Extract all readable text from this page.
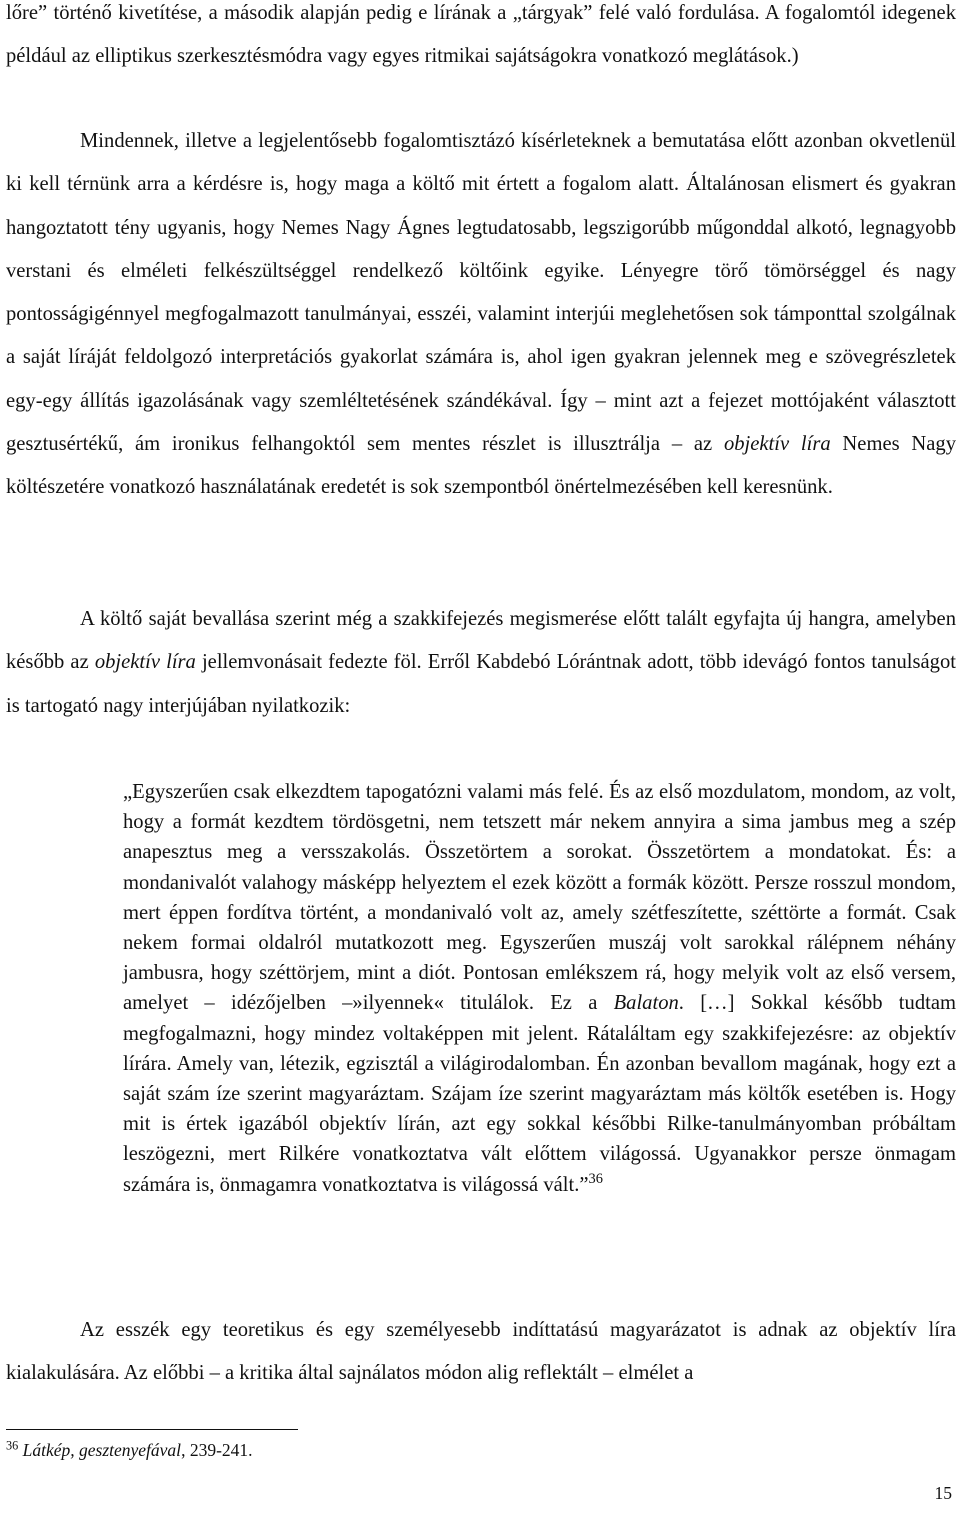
lőre” történő kivetítése, a második alapján pedig e lírának a „tárgyak” felé való fordulása. A fogalomtól idegenek például az elliptikus szerkesztésmódra vagy egyes ritmikai sajátságokra vonatkozó meglátások.)

Mindennek, illetve a legjelentősebb fogalomtisztázó kísérleteknek a bemutatása előtt azonban okvetlenül ki kell térnünk arra a kérdésre is, hogy maga a költő mit értett a fogalom alatt. Általánosan elismert és gyakran hangoztatott tény ugyanis, hogy Nemes Nagy Ágnes legtudatosabb, legszigorúbb műgonddal alkotó, legnagyobb verstani és elméleti felkészültséggel rendelkező költőink egyike. Lényegre törő tömörséggel és nagy pontosságigénnyel megfogalmazott tanulmányai, esszéi, valamint interjúi meglehetősen sok támponttal szolgálnak a saját líráját feldolgozó interpretációs gyakorlat számára is, ahol igen gyakran jelennek meg e szövegrészletek egy-egy állítás igazolásának vagy szemléltetésének szándékával. Így – mint azt a fejezet mottójaként választott gesztusértékű, ám ironikus felhangoktól sem mentes részlet is illusztrálja – az objektív líra Nemes Nagy költészetére vonatkozó használatának eredetét is sok szempontból önértelmezésében kell keresnünk.

A költő saját bevallása szerint még a szakkifejezés megismerése előtt talált egyfajta új hangra, amelyben később az objektív líra jellemvonásait fedezte föl. Erről Kabdebó Lórántnak adott, több idevágó fontos tanulságot is tartogató nagy interjújában nyilatkozik:

„Egyszerűen csak elkezdtem tapogatózni valami más felé. És az első mozdulatom, mondom, az volt, hogy a formát kezdtem tördösgetni, nem tetszett már nekem annyira a sima jambus meg a szép anapesztus meg a versszakolás. Összetörtem a sorokat. Összetörtem a mondatokat. És: a mondanivalót valahogy másképp helyeztem el ezek között a formák között. Persze rosszul mondom, mert éppen fordítva történt, a mondanivaló volt az, amely szétfeszítette, széttörte a formát. Csak nekem formai oldalról mutatkozott meg. Egyszerűen muszáj volt sarokkal rálépnem néhány jambusra, hogy széttörjem, mint a diót. Pontosan emlékszem rá, hogy melyik volt az első versem, amelyet – idézőjelben –»ilyennek« titulálok. Ez a Balaton. […] Sokkal később tudtam megfogalmazni, hogy mindez voltaképpen mit jelent. Rátaláltam egy szakkifejezésre: az objektív lírára. Amely van, létezik, egzisztál a világirodalomban. Én azonban bevallom magának, hogy ezt a saját szám íze szerint magyaráztam. Szájam íze szerint magyaráztam más költők esetében is. Hogy mit is értek igazából objektív lírán, azt egy sokkal későbbi Rilke-tanulmányomban próbáltam leszögezni, mert Rilkére vonatkoztatva vált előttem világossá. Ugyanakkor persze önmagam számára is, önmagamra vonatkoztatva is világossá vált.”$^{36}$

Az esszék egy teoretikus és egy személyesebb indíttatású magyarázatot is adnak az objektív líra kialakulására. Az előbbi – a kritika által sajnálatos módon alig reflektált – elmélet a

$^{36}$ Látkép, gesztenyefával, 239-241.

15
